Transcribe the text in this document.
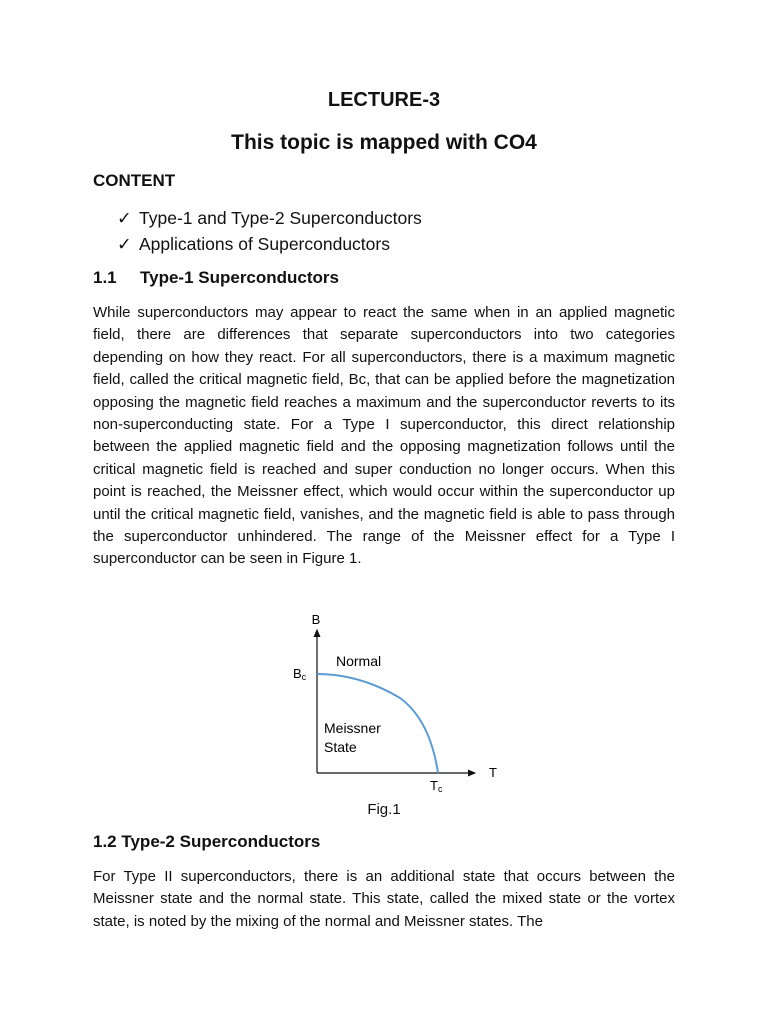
LECTURE-3
This topic is mapped with CO4
CONTENT
✓ Type-1 and Type-2 Superconductors
✓ Applications of Superconductors
1.1 Type-1 Superconductors

While superconductors may appear to react the same when in an applied magnetic field, there are differences that separate superconductors into two categories depending on how they react. For all superconductors, there is a maximum magnetic field, called the critical magnetic field, Bc, that can be applied before the magnetization opposing the magnetic field reaches a maximum and the superconductor reverts to its non-superconducting state. For a Type I superconductor, this direct relationship between the applied magnetic field and the opposing magnetization follows until the critical magnetic field is reached and super conduction no longer occurs. When this point is reached, the Meissner effect, which would occur within the superconductor up until the critical magnetic field, vanishes, and the magnetic field is able to pass through the superconductor unhindered. The range of the Meissner effect for a Type I superconductor can be seen in Figure 1.

B
T
Bc
Tc
Normal
Meissner
State
Fig.1
1.2 Type-2 Superconductors

For Type II superconductors, there is an additional state that occurs between the Meissner state and the normal state. This state, called the mixed state or the vortex state, is noted by the mixing of the normal and Meissner states. The
